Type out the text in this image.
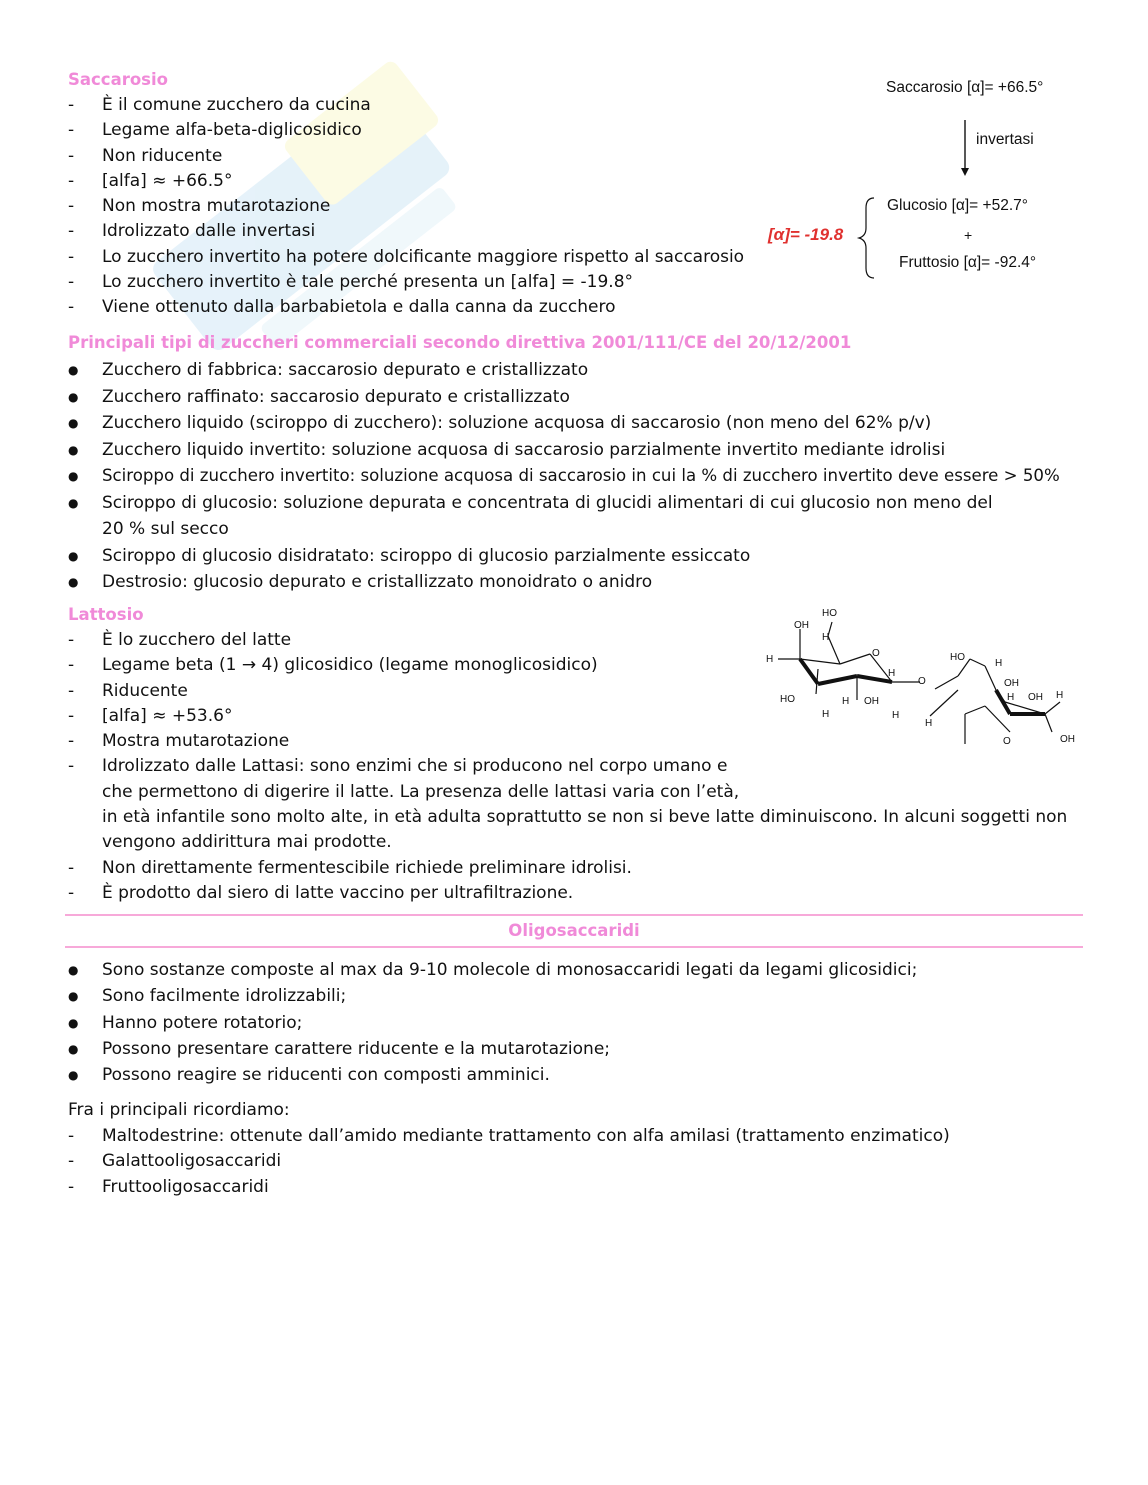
Saccarosio
- È il comune zucchero da cucina
- Legame alfa-beta-diglicosidico
- Non riducente
- [alfa] ≈ +66.5°
- Non mostra mutarotazione
- Idrolizzato dalle invertasi
- Lo zucchero invertito ha potere dolcificante maggiore rispetto al saccarosio
- Lo zucchero invertito è tale perché presenta un [alfa] = -19.8°
- Viene ottenuto dalla barbabietola e dalla canna da zucchero
Saccarosio [α]= +66.5°
invertasi
[α]= -19.8
Glucosio [α]= +52.7°
+
Fruttosio [α]= -92.4°
Principali tipi di zuccheri commerciali secondo direttiva 2001/111/CE del 20/12/2001
● Zucchero di fabbrica: saccarosio depurato e cristallizzato
● Zucchero raffinato: saccarosio depurato e cristallizzato
● Zucchero liquido (sciroppo di zucchero): soluzione acquosa di saccarosio (non meno del 62% p/v)
● Zucchero liquido invertito: soluzione acquosa di saccarosio parzialmente invertito mediante idrolisi
● Sciroppo di zucchero invertito: soluzione acquosa di saccarosio in cui la % di zucchero invertito deve essere > 50%
● Sciroppo di glucosio: soluzione depurata e concentrata di glucidi alimentari di cui glucosio non meno del 20 % sul secco
● Sciroppo di glucosio disidratato: sciroppo di glucosio parzialmente essiccato
● Destrosio: glucosio depurato e cristallizzato monoidrato o anidro
Lattosio
- È lo zucchero del latte
- Legame beta (1 → 4) glicosidico (legame monoglicosidico)
- Riducente
- [alfa] ≈ +53.6°
- Mostra mutarotazione
- Idrolizzato dalle Lattasi: sono enzimi che si producono nel corpo umano e
che permettono di digerire il latte. La presenza delle lattasi varia con l’età,
in età infantile sono molto alte, in età adulta soprattutto se non si beve latte diminuiscono. In alcuni soggetti non
vengono addirittura mai prodotte.
- Non direttamente fermentescibile richiede preliminare idrolisi.
- È prodotto dal siero di latte vaccino per ultrafiltrazione.
HO
OH
H
H
O
H
HO
H
H OH
O
HO
H
OH
H
H
H
OH H
O	OH
Oligosaccaridi
● Sono sostanze composte al max da 9-10 molecole di monosaccaridi legati da legami glicosidici;
● Sono facilmente idrolizzabili;
● Hanno potere rotatorio;
● Possono presentare carattere riducente e la mutarotazione;
● Possono reagire se riducenti con composti amminici.

Fra i principali ricordiamo:

- Maltodestrine: ottenute dall’amido mediante trattamento con alfa amilasi (trattamento enzimatico)
- Galattooligosaccaridi
- Fruttooligosaccaridi
